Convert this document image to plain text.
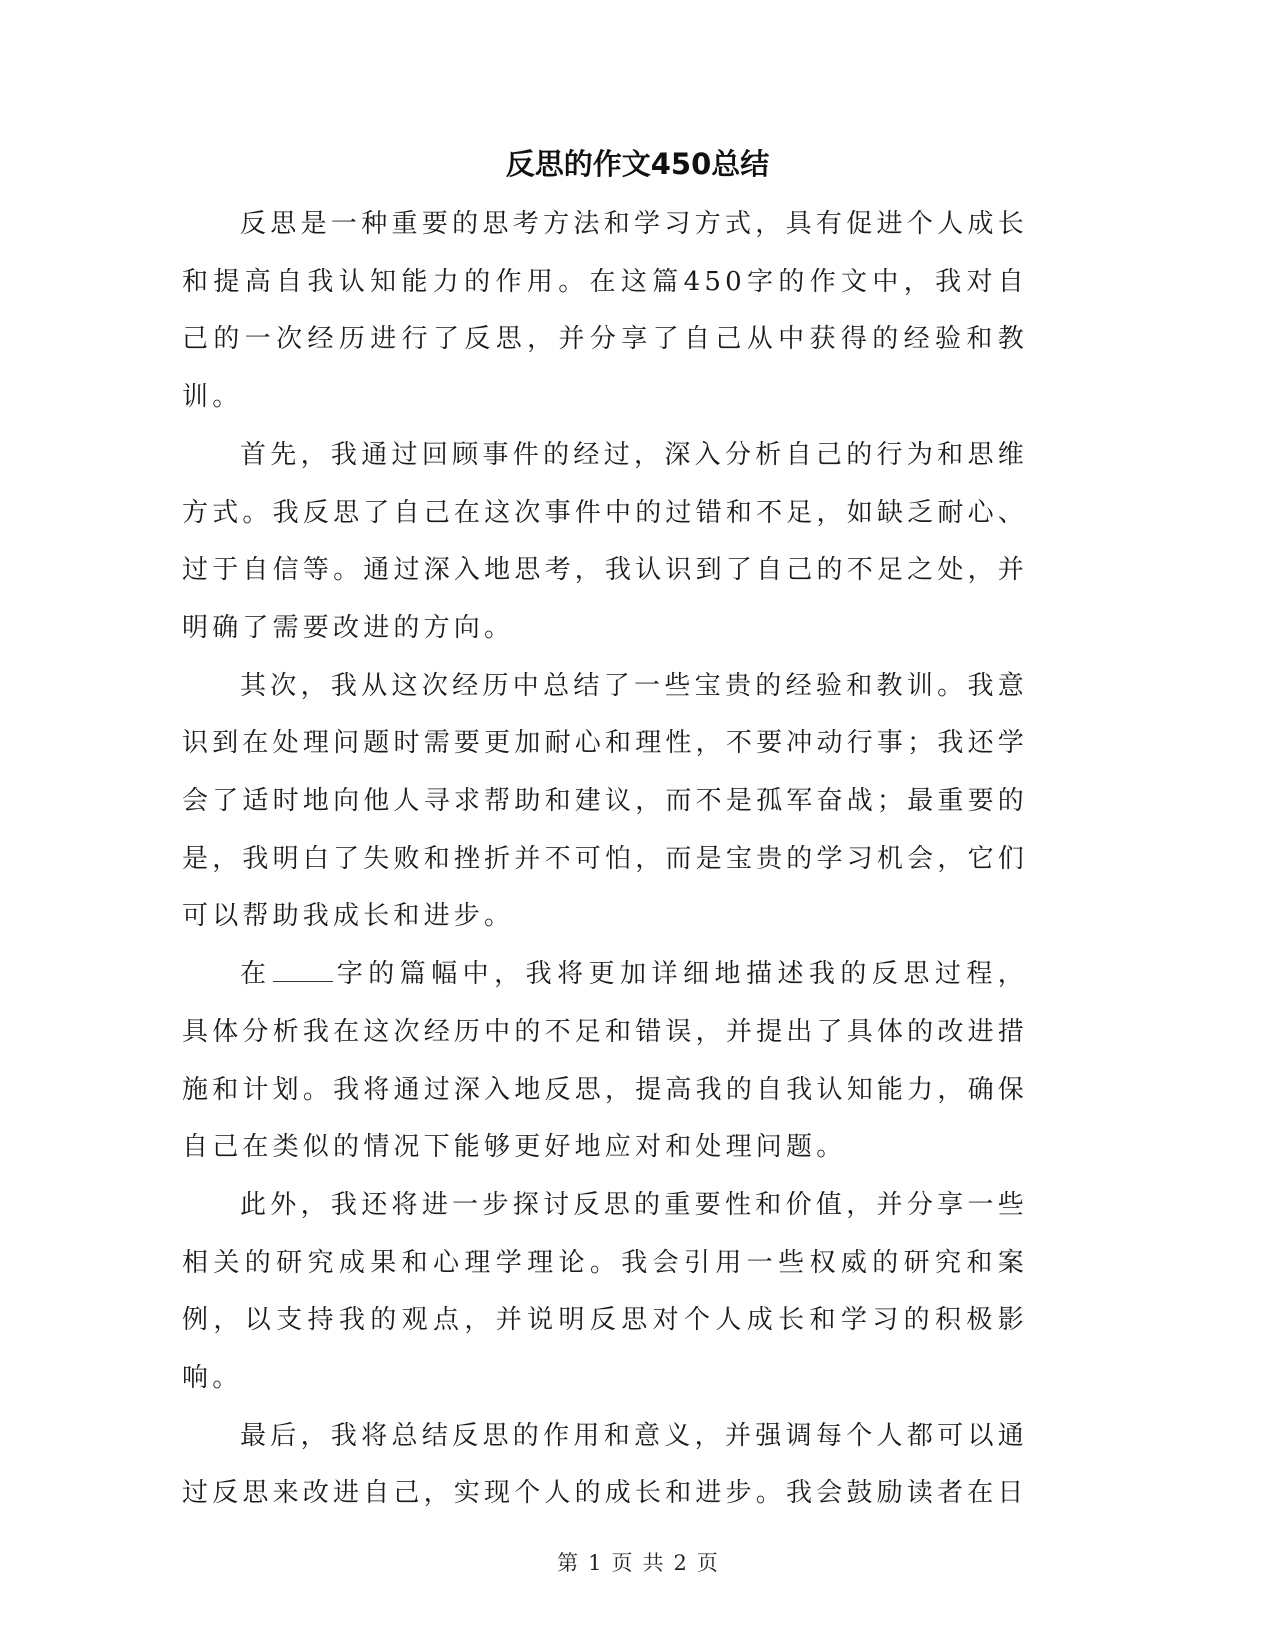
反思的作文450总结

反思是一种重要的思考方法和学习方式，具有促进个人成长和提高自我认知能力的作用。在这篇450字的作文中，我对自己的一次经历进行了反思，并分享了自己从中获得的经验和教训。

首先，我通过回顾事件的经过，深入分析自己的行为和思维方式。我反思了自己在这次事件中的过错和不足，如缺乏耐心、过于自信等。通过深入地思考，我认识到了自己的不足之处，并明确了需要改进的方向。

其次，我从这次经历中总结了一些宝贵的经验和教训。我意识到在处理问题时需要更加耐心和理性，不要冲动行事；我还学会了适时地向他人寻求帮助和建议，而不是孤军奋战；最重要的是，我明白了失败和挫折并不可怕，而是宝贵的学习机会，它们可以帮助我成长和进步。

在 字的篇幅中，我将更加详细地描述我的反思过程，具体分析我在这次经历中的不足和错误，并提出了具体的改进措施和计划。我将通过深入地反思，提高我的自我认知能力，确保自己在类似的情况下能够更好地应对和处理问题。

此外，我还将进一步探讨反思的重要性和价值，并分享一些相关的研究成果和心理学理论。我会引用一些权威的研究和案例，以支持我的观点，并说明反思对个人成长和学习的积极影响。

最后，我将总结反思的作用和意义，并强调每个人都可以通过反思来改进自己，实现个人的成长和进步。我会鼓励读者在日

第 1 页 共 2 页
